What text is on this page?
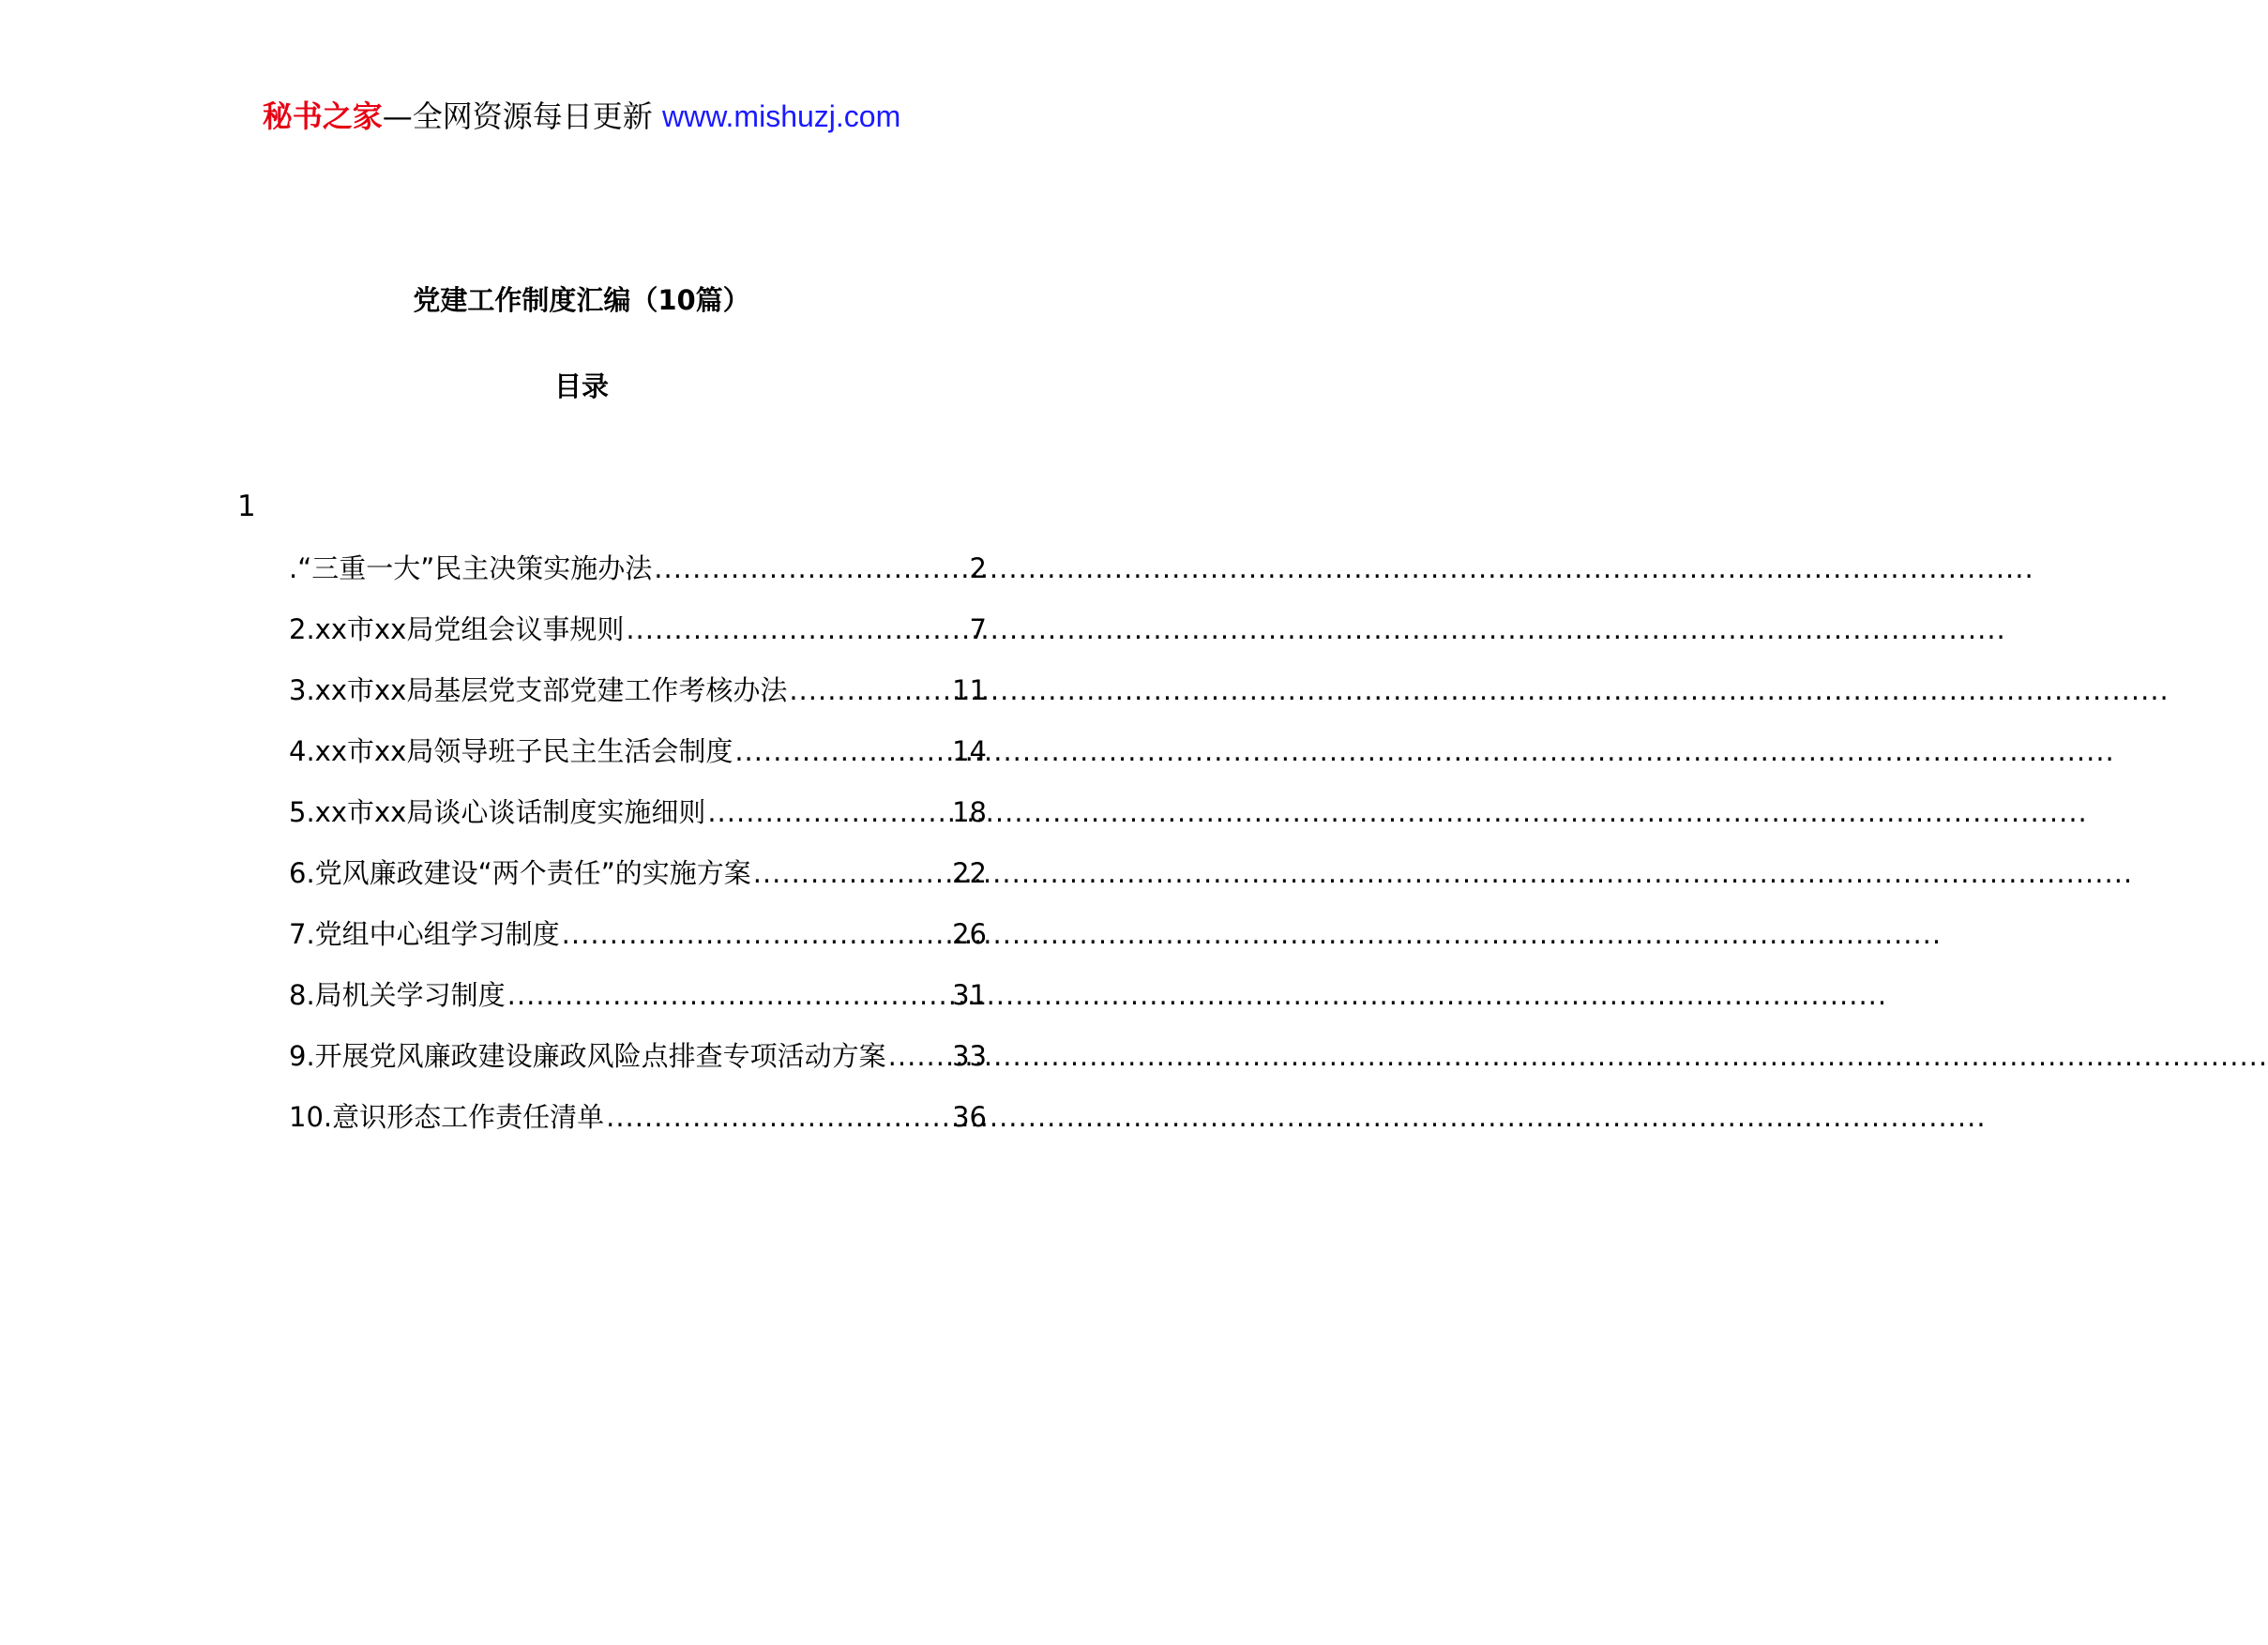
秘书之家—全网资源每日更新 www.mishuzj.com
党建工作制度汇编（10篇）
目录
1
.“三重一大”民主决策实施办法 .....	2
2.xx市xx局党组会议事规则 .....	7
3.xx市xx局基层党支部党建工作考核办法 .....	11
4.xx市xx局领导班子民主生活会制度 .....	14
5.xx市xx局谈心谈话制度实施细则 .....	18
6.党风廉政建设“两个责任”的实施方案 .....	22
7.党组中心组学习制度 .....	26
8.局机关学习制度 .....	31
9.开展党风廉政建设廉政风险点排查专项活动方案 ..... 33
10.意识形态工作责任清单 .....	36
